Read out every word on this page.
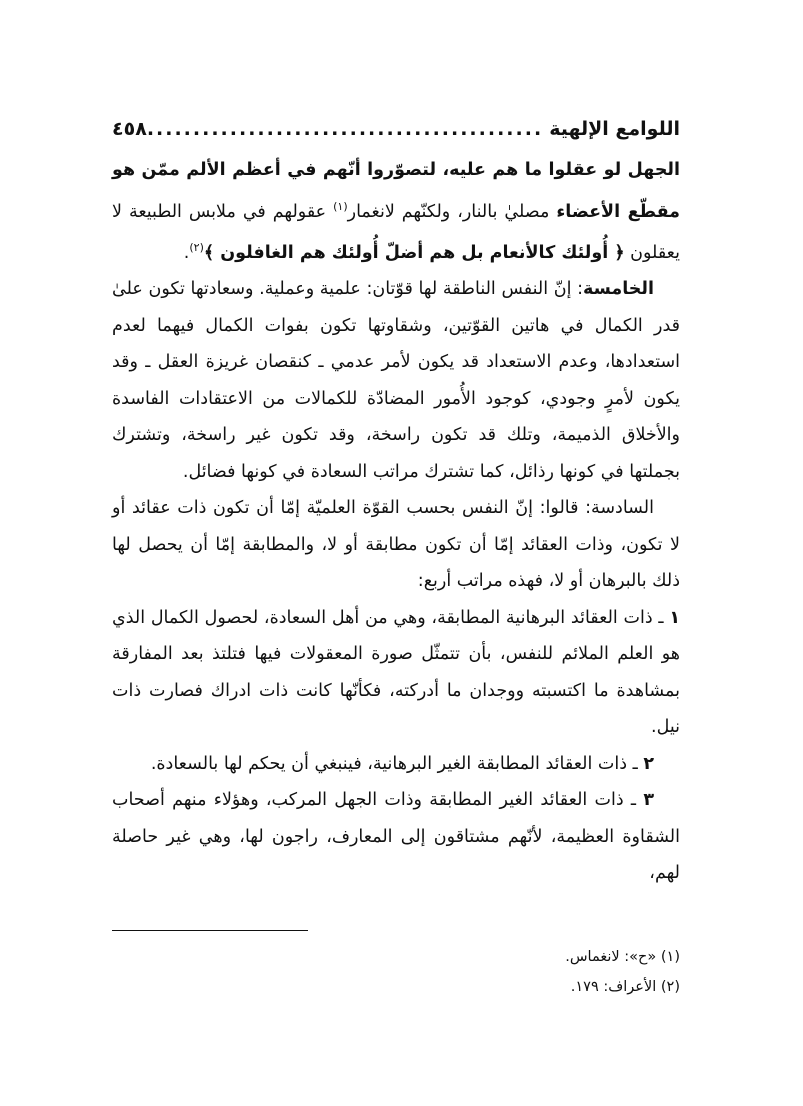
اللوامع الإلهية
...........................................
٤٥٨

الجهل لو عقلوا ما هم عليه، لتصوّروا أنّهم في أعظم الألم ممّن هو مقطّع الأعضاء مصليٰ بالنار، ولكنّهم لانغمار$^{(١)}$ عقولهم في ملابس الطبيعة لا يعقلون ﴿ أُولئك كالأنعام بل هم أضلّ أُولئك هم الغافلون ﴾$^{(٢)}$.

الخامسة: إنّ النفس الناطقة لها قوّتان: علمية وعملية. وسعادتها تكون علىٰ قدر الكمال في هاتين القوّتين، وشقاوتها تكون بفوات الكمال فيهما لعدم استعدادها، وعدم الاستعداد قد يكون لأمر عدمي ـ كنقصان غريزة العقل ـ وقد يكون لأمرٍ وجودي، كوجود الأُمور المضادّة للكمالات من الاعتقادات الفاسدة والأخلاق الذميمة، وتلك قد تكون راسخة، وقد تكون غير راسخة، وتشترك بجملتها في كونها رذائل، كما تشترك مراتب السعادة في كونها فضائل.

السادسة: قالوا: إنّ النفس بحسب القوّة العلميّة إمّا أن تكون ذات عقائد أو لا تكون، وذات العقائد إمّا أن تكون مطابقة أو لا، والمطابقة إمّا أن يحصل لها ذلك بالبرهان أو لا، فهذه مراتب أربع:

١ ـ ذات العقائد البرهانية المطابقة، وهي من أهل السعادة، لحصول الكمال الذي هو العلم الملائم للنفس، بأن تتمثّل صورة المعقولات فيها فتلتذ بعد المفارقة بمشاهدة ما اكتسبته ووجدان ما أدركته، فكأنّها كانت ذات ادراك فصارت ذات نيل.

٢ ـ ذات العقائد المطابقة الغير البرهانية، فينبغي أن يحكم لها بالسعادة.

٣ ـ ذات العقائد الغير المطابقة وذات الجهل المركب، وهؤلاء منهم أصحاب الشقاوة العظيمة، لأنّهم مشتاقون إلى المعارف، راجون لها، وهي غير حاصلة لهم،

(١) «ح»: لانغماس.

(٢) الأعراف: ١٧٩.
